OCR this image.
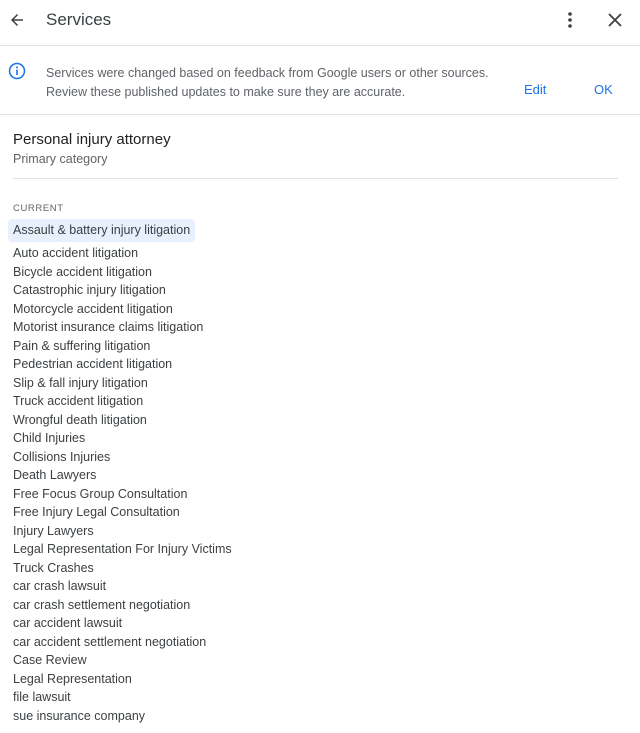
Services
Services were changed based on feedback from Google users or other sources. Review these published updates to make sure they are accurate.	Edit	OK
Personal injury attorney
Primary category
CURRENT
Assault & battery injury litigation
Auto accident litigation
Bicycle accident litigation
Catastrophic injury litigation
Motorcycle accident litigation
Motorist insurance claims litigation
Pain & suffering litigation
Pedestrian accident litigation
Slip & fall injury litigation
Truck accident litigation
Wrongful death litigation
Child Injuries
Collisions Injuries
Death Lawyers
Free Focus Group Consultation
Free Injury Legal Consultation
Injury Lawyers
Legal Representation For Injury Victims
Truck Crashes
car crash lawsuit
car crash settlement negotiation
car accident lawsuit
car accident settlement negotiation
Case Review
Legal Representation
file lawsuit
sue insurance company
